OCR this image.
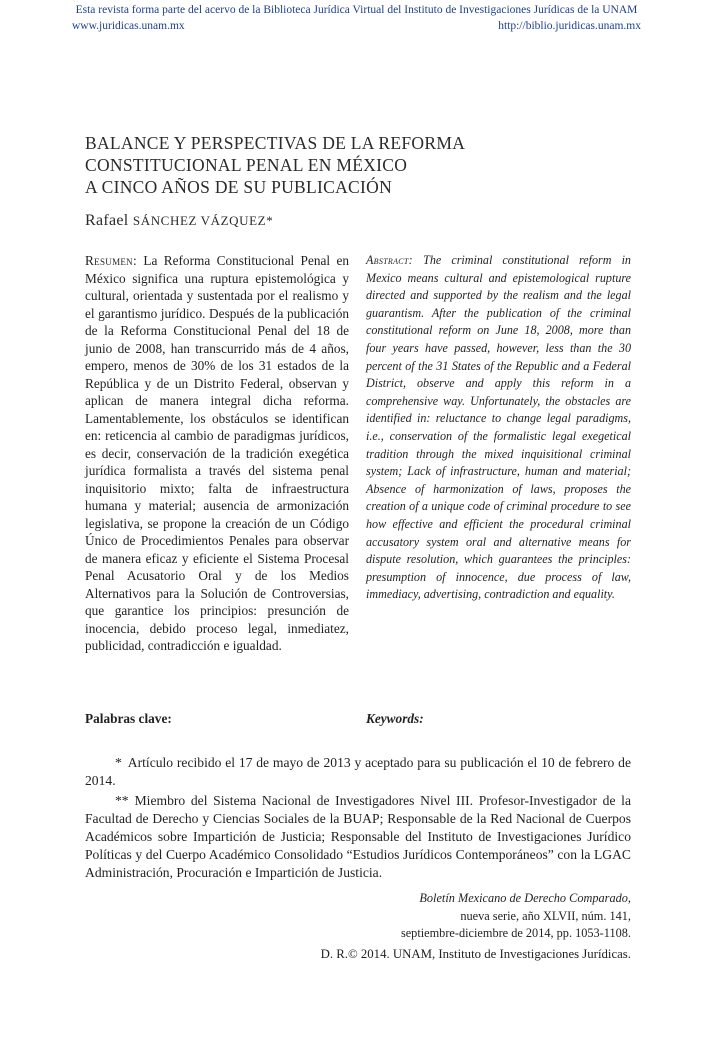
Esta revista forma parte del acervo de la Biblioteca Jurídica Virtual del Instituto de Investigaciones Jurídicas de la UNAM
www.juridicas.unam.mx	http://biblio.juridicas.unam.mx
BALANCE Y PERSPECTIVAS DE LA REFORMA
CONSTITUCIONAL PENAL EN MÉXICO
A CINCO AÑOS DE SU PUBLICACIÓN
Rafael SÁNCHEZ VÁZQUEZ*
Resumen: La Reforma Constitucional Penal en México significa una ruptura epistemológica y cultural, orientada y sustentada por el realismo y el garantismo jurídico. Después de la publicación de la Reforma Constitucional Penal del 18 de junio de 2008, han transcurrido más de 4 años, empero, menos de 30% de los 31 estados de la República y de un Distrito Federal, observan y aplican de manera integral dicha reforma. Lamentablemente, los obstáculos se identifican en: reticencia al cambio de paradigmas jurídicos, es decir, conservación de la tradición exegética jurídica formalista a través del sistema penal inquisitorio mixto; falta de infraestructura humana y material; ausencia de armonización legislativa, se propone la creación de un Código Único de Procedimientos Penales para observar de manera eficaz y eficiente el Sistema Procesal Penal Acusatorio Oral y de los Medios Alternativos para la Solución de Controversias, que garantice los principios: presunción de inocencia, debido proceso legal, inmediatez, publicidad, contradicción e igualdad.
Abstract: The criminal constitutional reform in Mexico means cultural and epistemological rupture directed and supported by the realism and the legal guarantism. After the publication of the criminal constitutional reform on June 18, 2008, more than four years have passed, however, less than the 30 percent of the 31 States of the Republic and a Federal District, observe and apply this reform in a comprehensive way. Unfortunately, the obstacles are identified in: reluctance to change legal paradigms, i.e., conservation of the formalistic legal exegetical tradition through the mixed inquisitional criminal system; Lack of infrastructure, human and material; Absence of harmonization of laws, proposes the creation of a unique code of criminal procedure to see how effective and efficient the procedural criminal accusatory system oral and alternative means for dispute resolution, which guarantees the principles: presumption of innocence, due process of law, immediacy, advertising, contradiction and equality.
Palabras clave:	Keywords:

* Artículo recibido el 17 de mayo de 2013 y aceptado para su publicación el 10 de febrero de 2014.

** Miembro del Sistema Nacional de Investigadores Nivel III. Profesor-Investigador de la Facultad de Derecho y Ciencias Sociales de la BUAP; Responsable de la Red Nacional de Cuerpos Académicos sobre Impartición de Justicia; Responsable del Instituto de Investigaciones Jurídico Políticas y del Cuerpo Académico Consolidado “Estudios Jurídicos Contemporáneos” con la LGAC Administración, Procuración e Impartición de Justicia.

Boletín Mexicano de Derecho Comparado,
nueva serie, año XLVII, núm. 141,
septiembre-diciembre de 2014, pp. 1053-1108.
D. R.© 2014. UNAM, Instituto de Investigaciones Jurídicas.
